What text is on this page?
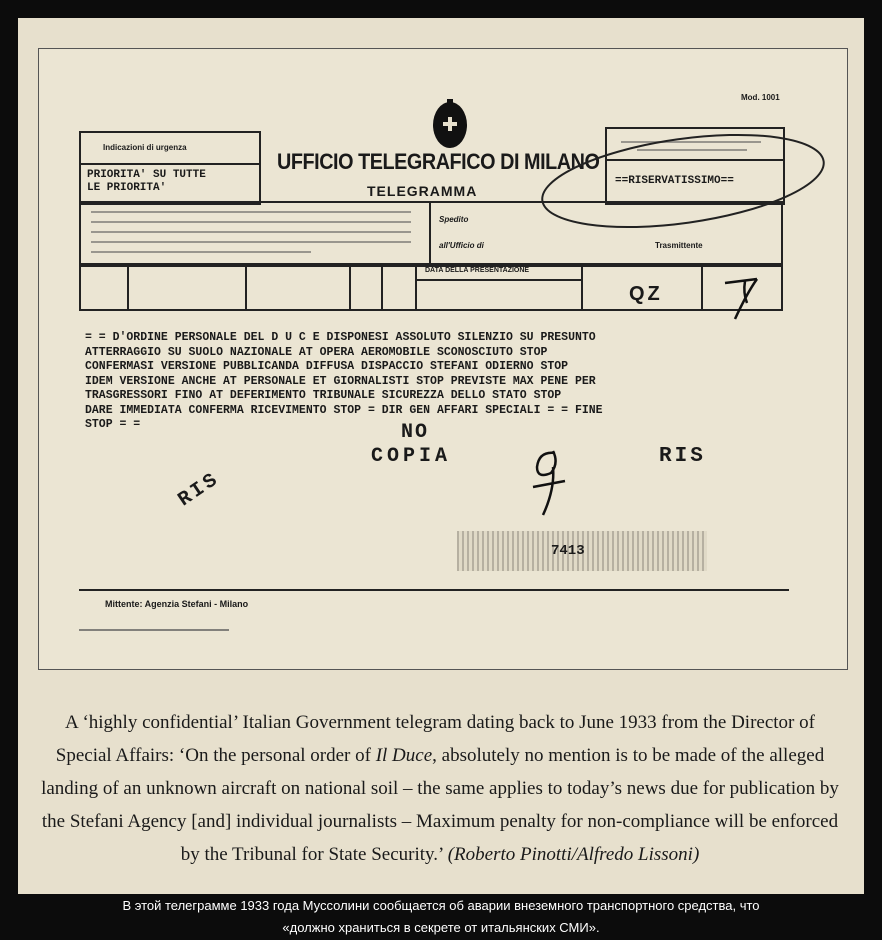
Mod. 1001
Indicazioni di urgenza
PRIORITA' SU TUTTE
LE PRIORITA'
UFFICIO TELEGRAFICO DI MILANO
TELEGRAMMA
==RISERVATISSIMO==
Spedito
all'Ufficio di	Trasmittente
DATA DELLA PRESENTAZIONE
QZ
= = D'ORDINE PERSONALE DEL D U C E DISPONESI ASSOLUTO SILENZIO SU PRESUNTO
ATTERRAGGIO SU SUOLO NAZIONALE AT OPERA AEROMOBILE SCONOSCIUTO STOP
CONFERMASI VERSIONE PUBBLICANDA DIFFUSA DISPACCIO STEFANI ODIERNO STOP
IDEM VERSIONE ANCHE AT PERSONALE ET GIORNALISTI STOP PREVISTE MAX PENE PER
TRASGRESSORI FINO AT DEFERIMENTO TRIBUNALE SICUREZZA DELLO STATO STOP
DARE IMMEDIATA CONFERMA RICEVIMENTO STOP = DIR GEN AFFARI SPECIALI = = FINE
STOP = =	NO
COPIA	RIS
RIS
7413
Mittente: Agenzia Stefani - Milano
A ‘highly confidential’ Italian Government telegram dating back to June 1933 from the Director of Special Affairs: ‘On the personal order of Il Duce, absolutely no mention is to be made of the alleged landing of an unknown aircraft on national soil – the same applies to today’s news due for publication by the Stefani Agency [and] individual journalists – Maximum penalty for non-compliance will be enforced by the Tribunal for State Security.’ (Roberto Pinotti/Alfredo Lissoni)
В этой телеграмме 1933 года Муссолини сообщается об аварии внеземного транспортного средства, что
«должно храниться в секрете от итальянских СМИ».
